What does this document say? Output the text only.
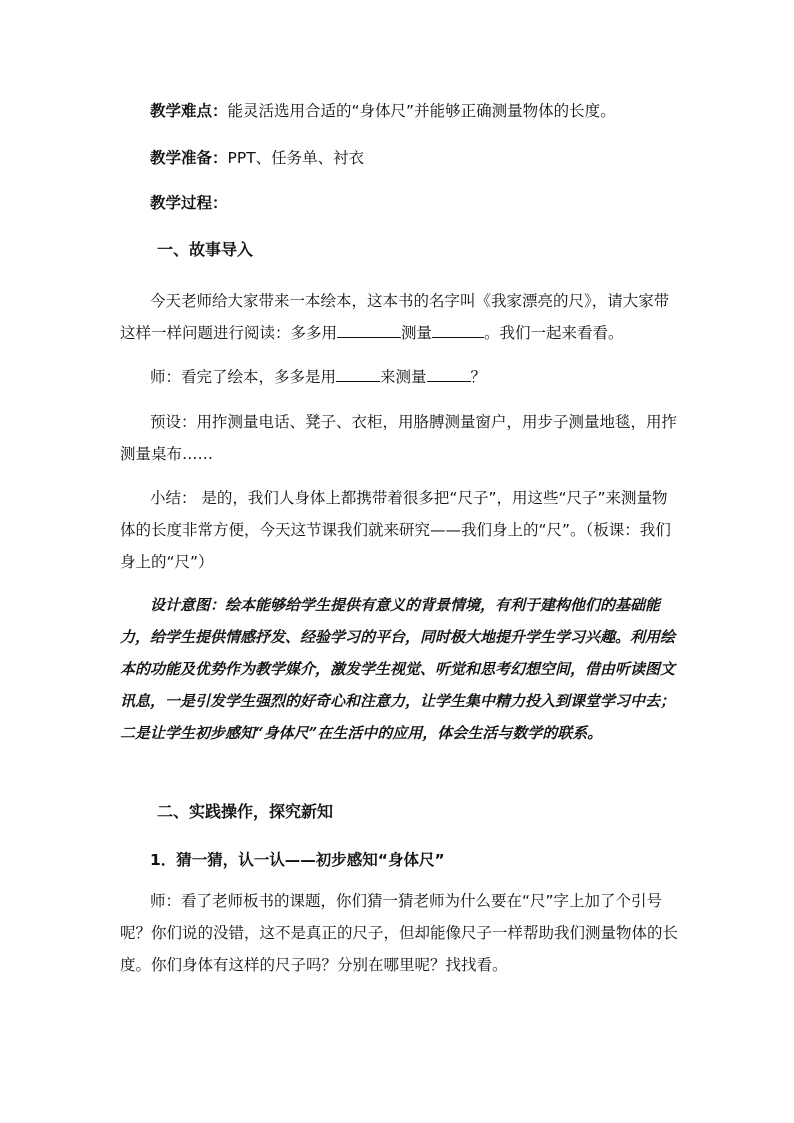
教学难点：能灵活选用合适的“身体尺”并能够正确测量物体的长度。

教学准备：PPT、任务单、衬衣

教学过程：

一、故事导入

今天老师给大家带来一本绘本，这本书的名字叫《我家漂亮的尺》，请大家带这样一样问题进行阅读：多多用	测量	。我们一起来看看。

师：看完了绘本，多多是用	来测量	？

预设：用拃测量电话、凳子、衣柜，用胳膊测量窗户，用步子测量地毯，用拃测量桌布……

小结： 是的，我们人身体上都携带着很多把“尺子”，用这些“尺子”来测量物体的长度非常方便，今天这节课我们就来研究——我们身上的“尺”。（板课：我们身上的“尺”）

设计意图：绘本能够给学生提供有意义的背景情境，有利于建构他们的基础能力，给学生提供情感抒发、经验学习的平台，同时极大地提升学生学习兴趣。利用绘本的功能及优势作为教学媒介，激发学生视觉、听觉和思考幻想空间，借由听读图文讯息，一是引发学生强烈的好奇心和注意力，让学生集中精力投入到课堂学习中去；二是让学生初步感知“身体尺”在生活中的应用，体会生活与数学的联系。

二、实践操作，探究新知

1．猜一猜，认一认——初步感知“身体尺”

师：看了老师板书的课题，你们猜一猜老师为什么要在“尺”字上加了个引号呢？你们说的没错，这不是真正的尺子，但却能像尺子一样帮助我们测量物体的长度。你们身体有这样的尺子吗？分别在哪里呢？找找看。
